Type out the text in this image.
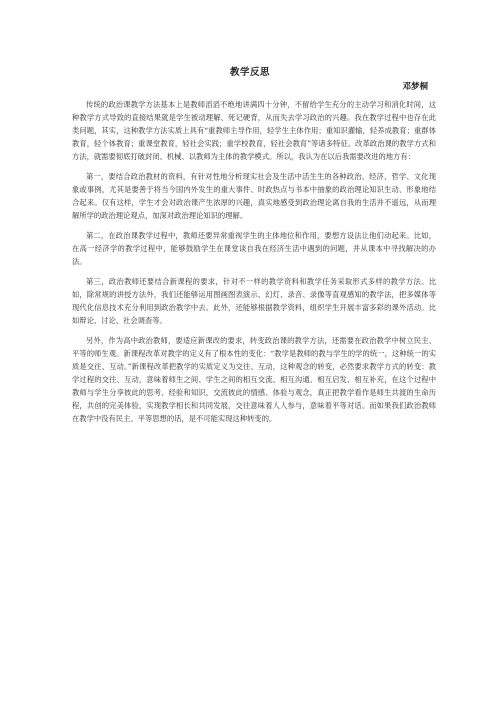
教学反思
邓梦桐

传统的政治课教学方法基本上是教师滔滔不绝地讲满四十分钟，不留给学生充分的主动学习和消化时间，这种教学方式导致的直接结果就是学生被动理解、死记硬背，从而失去学习政治的兴趣。我在教学过程中也存在此类问题，其实，这种教学方法实质上具有“重教师主导作用，轻学生主体作用；重知识灌输，轻养成教育；重群体教育，轻个体教育；重课堂教育，轻社会实践；重学校教育，轻社会教育”等诸多特征。改革政治课的教学方式和方法，就需要彻底打破封闭、机械、以教师为主体的教学模式。所以，我认为在以后我需要改进的地方有：

第一，要结合政治教材的资料，有针对性地分析现实社会及生活中活生生的各种政治、经济、哲学、文化现象或事例，尤其是要善于将当今国内外发生的重大事件、时政热点与书本中抽象的政治理论知识生动、形象地结合起来。仅有这样，学生才会对政治课产生浓厚的兴趣，真实地感受到政治理论离自我的生活并不遥远，从而理解所学的政治理论观点，加深对政治理论知识的理解。

第二，在政治课教学过程中，教师还要异常重视学生的主体地位和作用，要想方设法让他们动起来。比如，在高一经济学的教学过程中，能够鼓励学生在课堂谈自我在经济生活中遇到的问题，并从课本中寻找解决的办法。

第三，政治教师还要结合新课程的要求，针对不一样的教学资料和教学任务采取形式多样的教学方法。比如，除常规的讲授方法外，我们还能够运用图画图表演示、幻灯、录音、录像等直观感知的教学法，把多媒体等现代化信息技术充分利用到政治教学中去。此外，还能够根据教学资料，组织学生开展丰富多彩的课外活动。比如辩论、讨论、社会调查等。

另外，作为高中政治教师，要适应新课改的要求，转变政治课的教学方法，还需要在政治教学中树立民主、平等的师生观。新课程改革对教学的定义有了根本性的变化：“教学是教师的教与学生的学的统一，这种统一的实质是交往、互动。”新课程改革把教学的实质定义为交往、互动，这种观念的转变，必然要求教学方式的转变：教学过程的交往、互动，意味着师生之间、学生之间的相互交流、相互沟通、相互启发、相互补充，在这个过程中教师与学生分享彼此的思考、经验和知识，交流彼此的情感、体验与观念，真正把教学看作是师生共渡的生命历程，共创的完美体验，实现教学相长和共同发展，交往意味着人人参与，意味着平等对话。而如果我们政治教师在教学中没有民主、平等思想的话，是不可能实现这种转变的。
